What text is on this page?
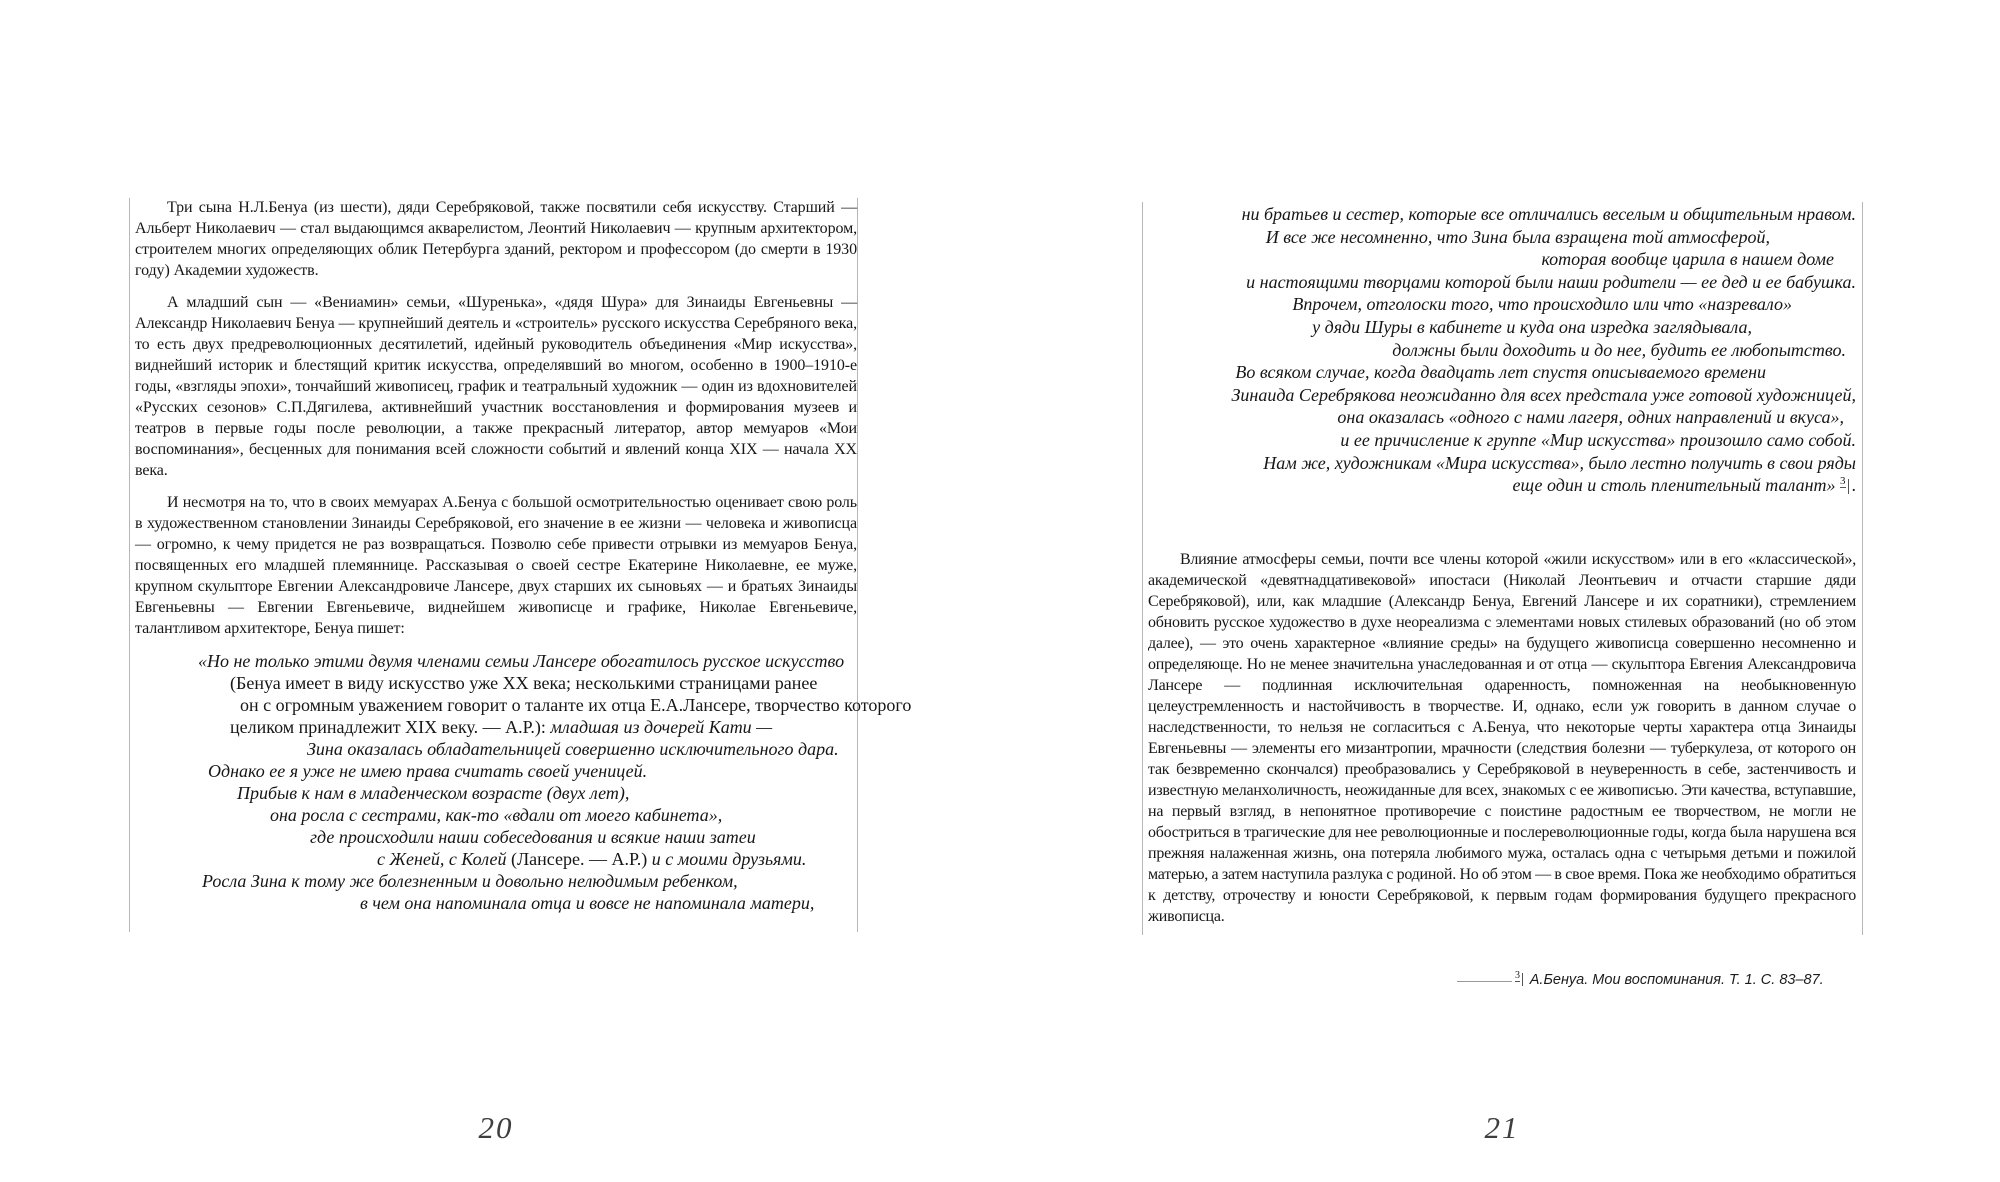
Три сына Н.Л.Бенуа (из шести), дяди Серебряковой, также посвятили себя искусству. Старший — Альберт Николаевич — стал выдающимся акварелистом, Леонтий Николаевич — крупным архитектором, строителем многих определяющих облик Петербурга зданий, ректором и профессором (до смерти в 1930 году) Академии художеств.

А младший сын — «Вениамин» семьи, «Шуренька», «дядя Шура» для Зинаиды Евгеньевны — Александр Николаевич Бенуа — крупнейший деятель и «строитель» русского искусства Серебряного века, то есть двух предреволюционных десятилетий, идейный руководитель объединения «Мир искусства», виднейший историк и блестящий критик искусства, определявший во многом, особенно в 1900–1910-е годы, «взгляды эпохи», тончайший живописец, график и театральный художник — один из вдохновителей «Русских сезонов» С.П.Дягилева, активнейший участник восстановления и формирования музеев и театров в первые годы после революции, а также прекрасный литератор, автор мемуаров «Мои воспоминания», бесценных для понимания всей сложности событий и явлений конца XIX — начала XX века.

И несмотря на то, что в своих мемуарах А.Бенуа с большой осмотрительностью оценивает свою роль в художественном становлении Зинаиды Серебряковой, его значение в ее жизни — человека и живописца — огромно, к чему придется не раз возвращаться. Позволю себе привести отрывки из мемуаров Бенуа, посвященных его младшей племяннице. Рассказывая о своей сестре Екатерине Николаевне, ее муже, крупном скульпторе Евгении Александровиче Лансере, двух старших их сыновьях — и братьях Зинаиды Евгеньевны — Евгении Евгеньевиче, виднейшем живописце и графике, Николае Евгеньевиче, талантливом архитекторе, Бенуа пишет:

«Но не только этими двумя членами семьи Лансере обогатилось русское искусство
(Бенуа имеет в виду искусство уже XX века; несколькими страницами ранее
он с огромным уважением говорит о таланте их отца Е.А.Лансере, творчество которого
целиком принадлежит XIX веку. — А.Р.): младшая из дочерей Кати —
Зина оказалась обладательницей совершенно исключительного дара.
Однако ее я уже не имею права считать своей ученицей.
Прибыв к нам в младенческом возрасте (двух лет),
она росла с сестрами, как-то «вдали от моего кабинета»,
где происходили наши собеседования и всякие наши затеи
с Женей, с Колей (Лансере. — А.Р.) и с моими друзьями.
Росла Зина к тому же болезненным и довольно нелюдимым ребенком,
в чем она напоминала отца и вовсе не напоминала матери,
ни братьев и сестер, которые все отличались веселым и общительным нравом.
И все же несомненно, что Зина была взращена той атмосферой,
которая вообще царила в нашем доме
и настоящими творцами которой были наши родители — ее дед и ее бабушка.
Впрочем, отголоски того, что происходило или что «назревало»
у дяди Шуры в кабинете и куда она изредка заглядывала,
должны были доходить и до нее, будить ее любопытство.
Во всяком случае, когда двадцать лет спустя описываемого времени
Зинаида Серебрякова неожиданно для всех предстала уже готовой художницей,
она оказалась «одного с нами лагеря, одних направлений и вкуса»,
и ее причисление к группе «Мир искусства» произошло само собой.
Нам же, художникам «Мира искусства», было лестно получить в свои ряды
еще один и столь пленительный талант» $^3$ .

Влияние атмосферы семьи, почти все члены которой «жили искусством» или в его «классической», академической «девятнадцативековой» ипостаси (Николай Леонтьевич и отчасти старшие дяди Серебряковой), или, как младшие (Александр Бенуа, Евгений Лансере и их соратники), стремлением обновить русское художество в духе неореализма с элементами новых стилевых образований (но об этом далее), — это очень характерное «влияние среды» на будущего живописца совершенно несомненно и определяюще. Но не менее значительна унаследованная и от отца — скульптора Евгения Александровича Лансере — подлинная исключительная одаренность, помноженная на необыкновенную целеустремленность и настойчивость в творчестве. И, однако, если уж говорить в данном случае о наследственности, то нельзя не согласиться с А.Бенуа, что некоторые черты характера отца Зинаиды Евгеньевны — элементы его мизантропии, мрачности (следствия болезни — туберкулеза, от которого он так безвременно скончался) преобразовались у Серебряковой в неуверенность в себе, застенчивость и известную меланхоличность, неожиданные для всех, знакомых с ее живописью. Эти качества, вступавшие, на первый взгляд, в непонятное противоречие с поистине радостным ее творчеством, не могли не обостриться в трагические для нее революционные и послереволюционные годы, когда была нарушена вся прежняя налаженная жизнь, она потеряла любимого мужа, осталась одна с четырьмя детьми и пожилой матерью, а затем наступила разлука с родиной. Но об этом — в свое время. Пока же необходимо обратиться к детству, отрочеству и юности Серебряковой, к первым годам формирования будущего прекрасного живописца.

$^3$ А.Бенуа. Мои воспоминания. Т. 1. С. 83–87.
20	21
